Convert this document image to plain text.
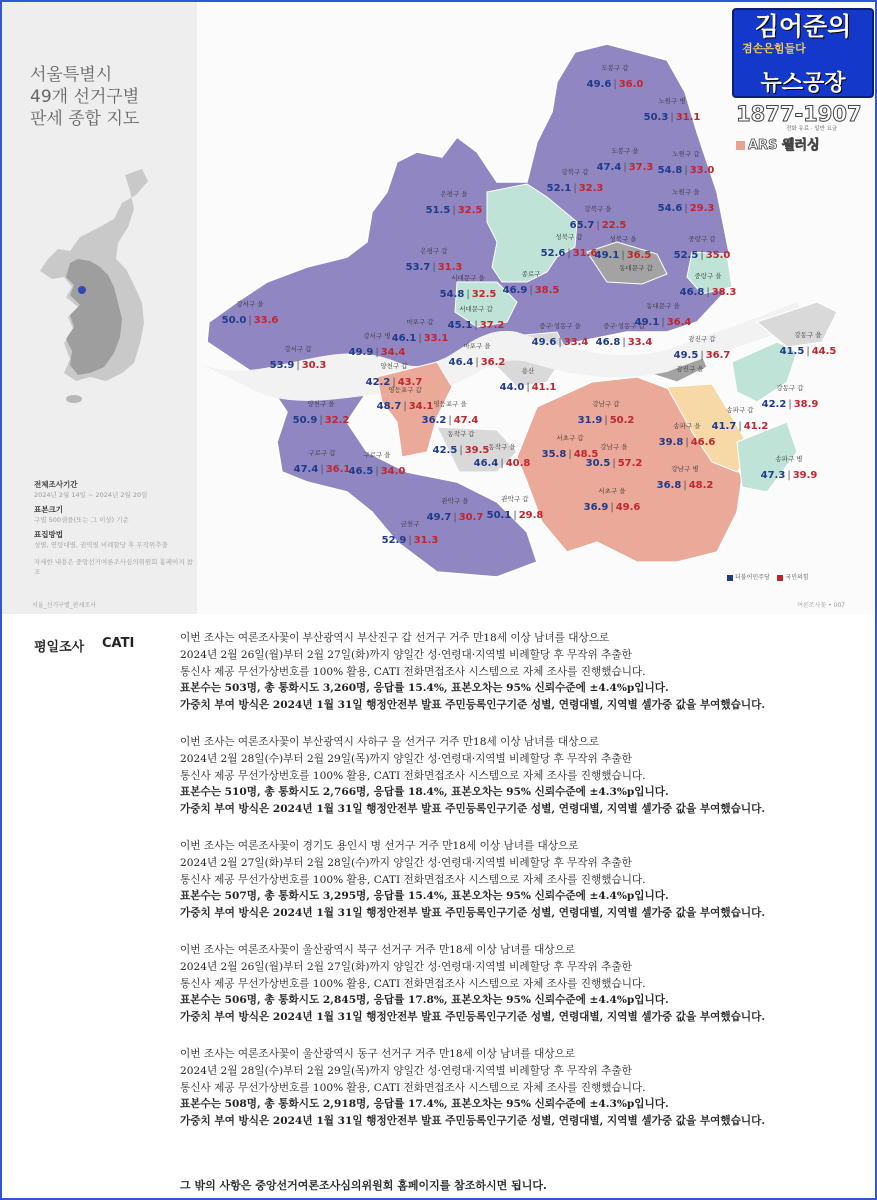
서울특별시
49개 선거구별
판세 종합 지도
전체조사기간
2024년 2월 14일 ~ 2024년 2월 20일
표본크기
구별 500샘플(또는 그 이상) 기준
표집방법
성별, 연령대별, 권역별 비례할당 후 무작위추출
자세한 내용은 중앙선거여론조사심의위원회 홈페이지 참조
서울_선거구별_판세조사
도봉구 갑
49.6 | 36.0
노원구 병
50.3 | 31.1
도봉구 을
47.4 | 37.3
노원구 갑
54.8 | 33.0
강북구 갑
52.1 | 32.3	노원구 을
54.6 | 29.3
은평구 을
51.5 | 32.5	강북구 을
65.7 | 22.5
성북구 갑
52.6 | 31.6
성북구 을
49.1 | 36.5
중랑구 갑
52.5 | 35.0
은평구 갑
53.7 | 31.3
종로구
46.9 | 38.5
동대문구 갑
서대문구 을
54.8 | 32.5
중랑구 을
46.8 | 38.3
동대문구 을
49.1 | 36.4
강서구 을
50.0 | 33.6	마포구 갑
46.1 | 33.1
서대문구 갑
45.1 | 37.2	중구·성동구 을
49.6 | 33.4
중구·성동구 갑
46.8 | 33.4	광진구 갑
49.5 | 36.7
강동구 을
41.5 | 44.5
강서구 병
49.9 | 34.4
강서구 갑
53.9 | 30.3
마포구 을
46.4 | 36.2
용산
44.0 | 41.1
광진구 을
양천구 갑
42.2 | 43.7
영등포구 갑
48.7 | 34.1
강동구 갑
42.2 | 38.9
양천구 을
50.9 | 32.2
영등포구 을
36.2 | 47.4
강남구 갑
31.9 | 50.2
송파구 갑
41.7 | 41.2
송파구 을
39.8 | 46.6
동작구 갑
42.5 | 39.5
서초구 갑
35.8 | 48.5
동작구 을
46.4 | 40.8
강남구 을
30.5 | 57.2	송파구 병
47.3 | 39.9
구로구 갑
47.4 | 36.1
구로구 을
46.5 | 34.0	강남구 병
36.8 | 48.2
관악구 을
49.7 | 30.7
관악구 갑
50.1 | 29.8
서초구 을
36.9 | 49.6
금천구
52.9 | 31.3
더불어민주당	국민의힘
여론조사꽃 • 007
김어준의
겸손은힘들다
뉴스공장
1877-1907
전화 유료 · 일반 요금
ARS 웰러싱
평일조사 CATI	이번 조사는 여론조사꽃이 부산광역시 부산진구 갑 선거구 거주 만18세 이상 남녀를 대상으로
2024년 2월 26일(월)부터 2월 27일(화)까지 양일간 성·연령대·지역별 비례할당 후 무작위 추출한
통신사 제공 무선가상번호를 100% 활용, CATI 전화면접조사 시스템으로 자체 조사를 진행했습니다.
표본수는 503명, 총 통화시도 3,260명, 응답률 15.4%, 표본오차는 95% 신뢰수준에 ±4.4%p입니다.
가중치 부여 방식은 2024년 1월 31일 행정안전부 발표 주민등록인구기준 성별, 연령대별, 지역별 셀가중 값을 부여했습니다.
이번 조사는 여론조사꽃이 부산광역시 사하구 을 선거구 거주 만18세 이상 남녀를 대상으로
2024년 2월 28일(수)부터 2월 29일(목)까지 양일간 성·연령대·지역별 비례할당 후 무작위 추출한
통신사 제공 무선가상번호를 100% 활용, CATI 전화면접조사 시스템으로 자체 조사를 진행했습니다.
표본수는 510명, 총 통화시도 2,766명, 응답률 18.4%, 표본오차는 95% 신뢰수준에 ±4.3%p입니다.
가중치 부여 방식은 2024년 1월 31일 행정안전부 발표 주민등록인구기준 성별, 연령대별, 지역별 셀가중 값을 부여했습니다.
이번 조사는 여론조사꽃이 경기도 용인시 병 선거구 거주 만18세 이상 남녀를 대상으로
2024년 2월 27일(화)부터 2월 28일(수)까지 양일간 성·연령대·지역별 비례할당 후 무작위 추출한
통신사 제공 무선가상번호를 100% 활용, CATI 전화면접조사 시스템으로 자체 조사를 진행했습니다.
표본수는 507명, 총 통화시도 3,295명, 응답률 15.4%, 표본오차는 95% 신뢰수준에 ±4.4%p입니다.
가중치 부여 방식은 2024년 1월 31일 행정안전부 발표 주민등록인구기준 성별, 연령대별, 지역별 셀가중 값을 부여했습니다.
이번 조사는 여론조사꽃이 울산광역시 북구 선거구 거주 만18세 이상 남녀를 대상으로
2024년 2월 26일(월)부터 2월 27일(화)까지 양일간 성·연령대·지역별 비례할당 후 무작위 추출한
통신사 제공 무선가상번호를 100% 활용, CATI 전화면접조사 시스템으로 자체 조사를 진행했습니다.
표본수는 506명, 총 통화시도 2,845명, 응답률 17.8%, 표본오차는 95% 신뢰수준에 ±4.4%p입니다.
가중치 부여 방식은 2024년 1월 31일 행정안전부 발표 주민등록인구기준 성별, 연령대별, 지역별 셀가중 값을 부여했습니다.
이번 조사는 여론조사꽃이 울산광역시 동구 선거구 거주 만18세 이상 남녀를 대상으로
2024년 2월 28일(수)부터 2월 29일(목)까지 양일간 성·연령대·지역별 비례할당 후 무작위 추출한
통신사 제공 무선가상번호를 100% 활용, CATI 전화면접조사 시스템으로 자체 조사를 진행했습니다.
표본수는 508명, 총 통화시도 2,918명, 응답률 17.4%, 표본오차는 95% 신뢰수준에 ±4.3%p입니다.
가중치 부여 방식은 2024년 1월 31일 행정안전부 발표 주민등록인구기준 성별, 연령대별, 지역별 셀가중 값을 부여했습니다.
그 밖의 사항은 중앙선거여론조사심의위원회 홈페이지를 참조하시면 됩니다.
